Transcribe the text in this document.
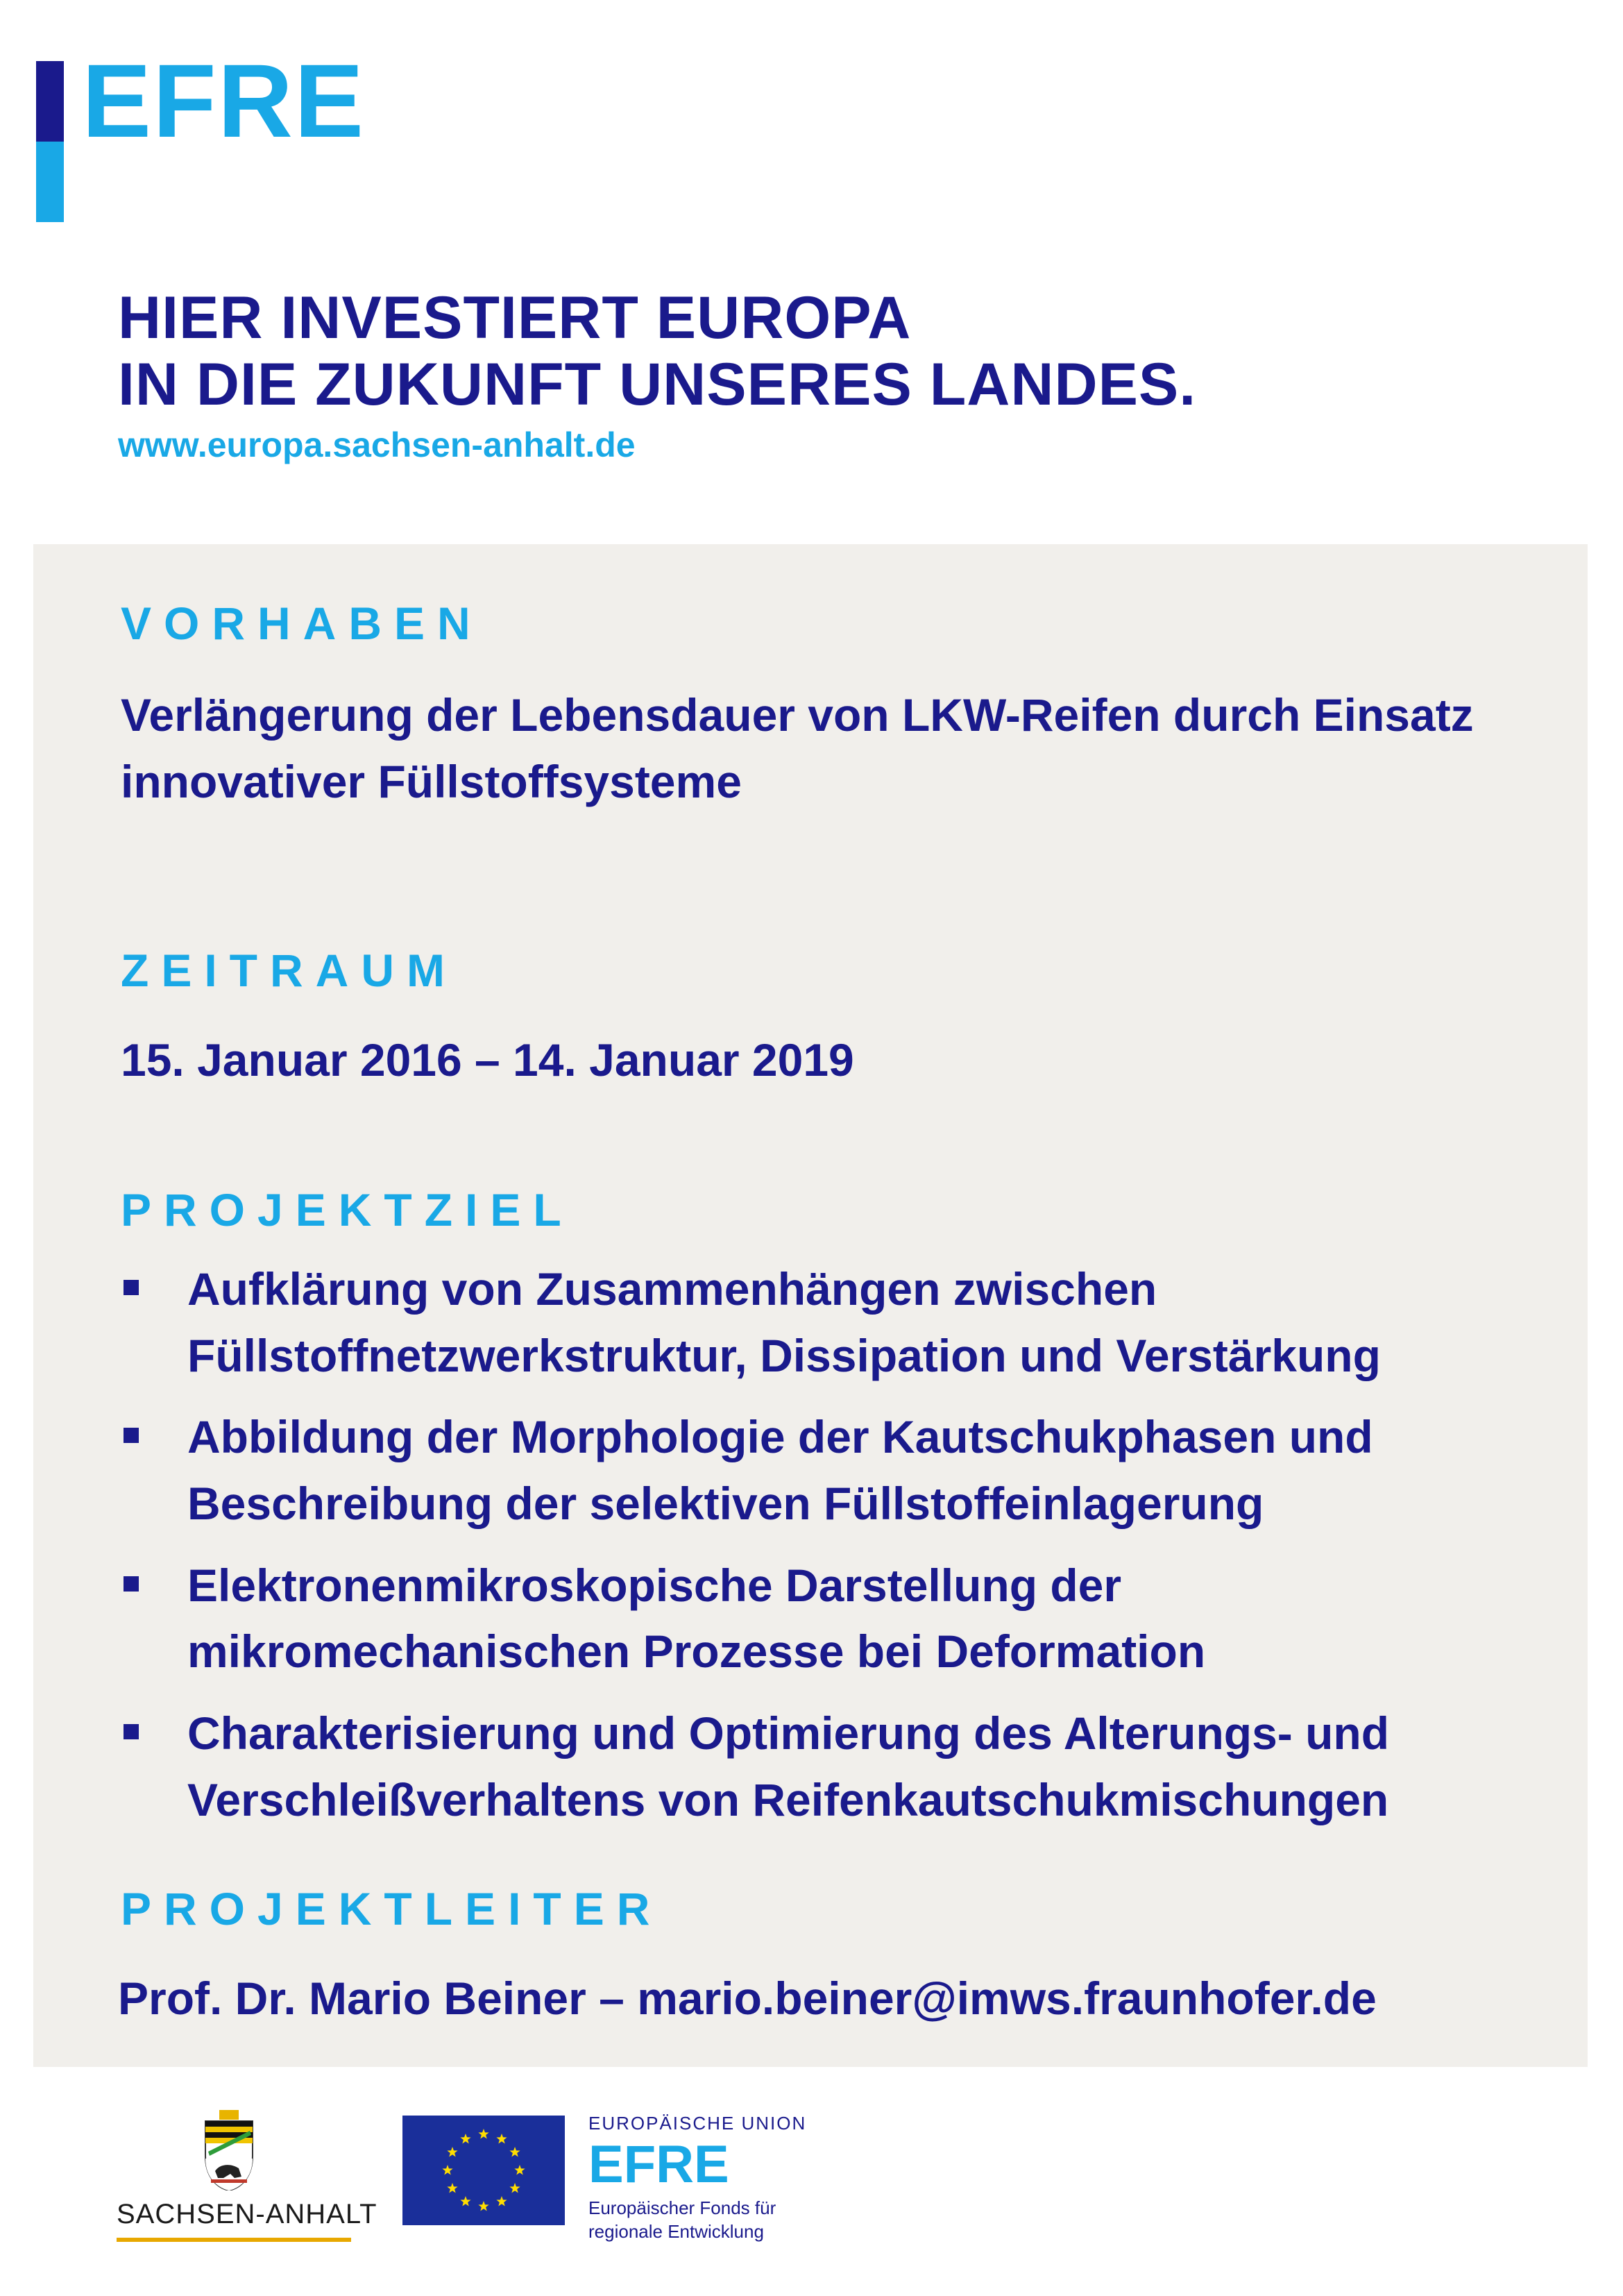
EFRE
HIER INVESTIERT EUROPA
IN DIE ZUKUNFT UNSERES LANDES.
www.europa.sachsen-anhalt.de
VORHABEN
Verlängerung der Lebensdauer von LKW-Reifen durch Einsatz
innovativer Füllstoffsysteme
ZEITRAUM
15. Januar 2016 – 14. Januar 2019
PROJEKTZIEL
Aufklärung von Zusammenhängen zwischen
Füllstoffnetzwerkstruktur, Dissipation und Verstärkung
Abbildung der Morphologie der Kautschukphasen und
Beschreibung der selektiven Füllstoffeinlagerung
Elektronenmikroskopische Darstellung der
mikromechanischen Prozesse bei Deformation
Charakterisierung und Optimierung des Alterungs- und
Verschleißverhaltens von Reifenkautschukmischungen
PROJEKTLEITER
Prof. Dr. Mario Beiner – mario.beiner@imws.fraunhofer.de
SACHSEN-ANHALT
EUROPÄISCHE UNION
EFRE
Europäischer Fonds für
regionale Entwicklung
